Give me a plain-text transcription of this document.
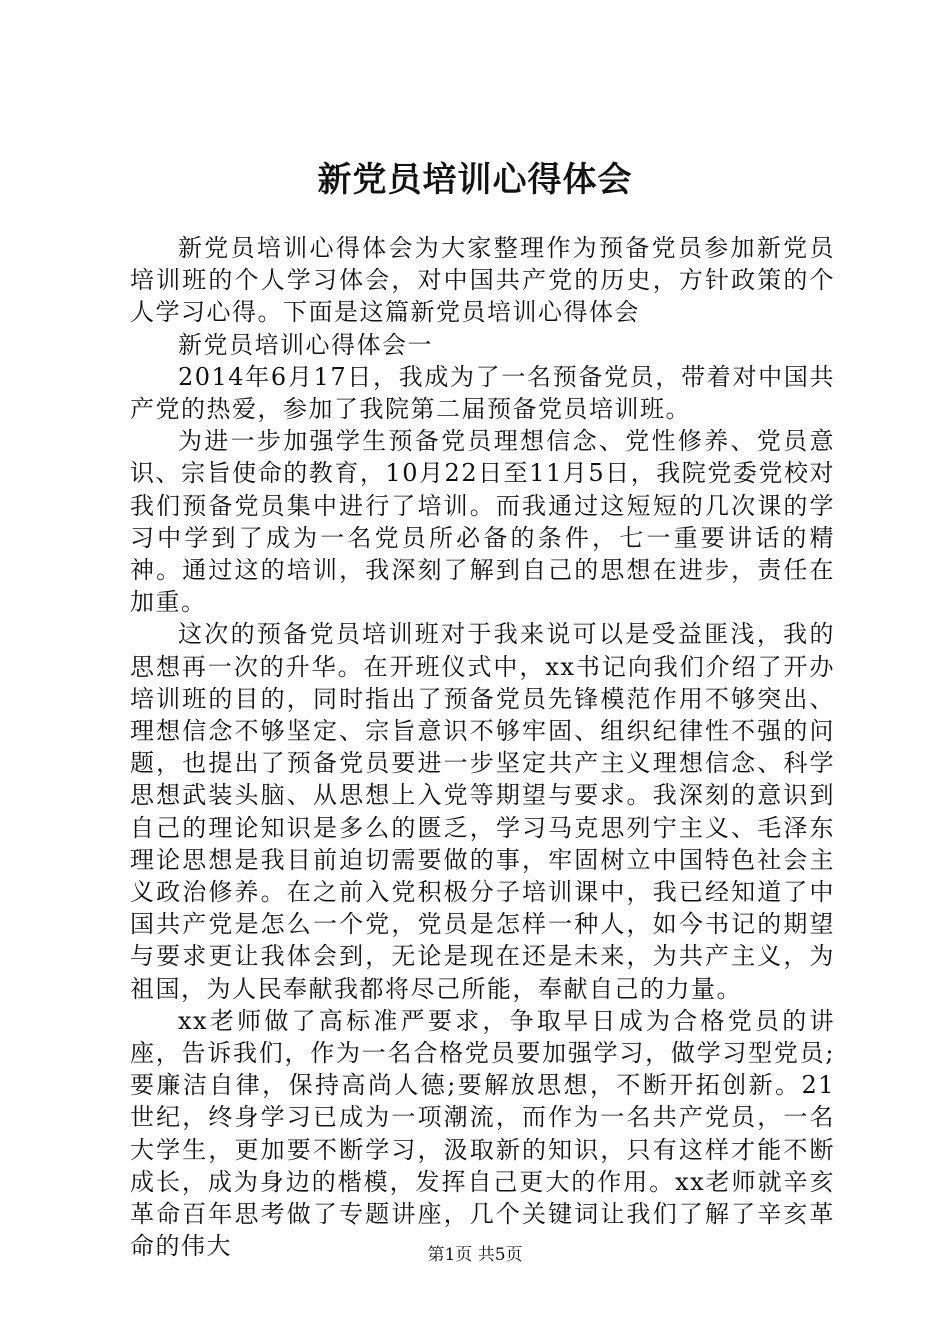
新党员培训心得体会

新党员培训心得体会为大家整理作为预备党员参加新党员培训班的个人学习体会，对中国共产党的历史，方针政策的个人学习心得。下面是这篇新党员培训心得体会

新党员培训心得体会一

2014年6月17日，我成为了一名预备党员，带着对中国共产党的热爱，参加了我院第二届预备党员培训班。

为进一步加强学生预备党员理想信念、党性修养、党员意识、宗旨使命的教育，10月22日至11月5日，我院党委党校对我们预备党员集中进行了培训。而我通过这短短的几次课的学习中学到了成为一名党员所必备的条件，七一重要讲话的精神。通过这的培训，我深刻了解到自己的思想在进步，责任在加重。

这次的预备党员培训班对于我来说可以是受益匪浅，我的思想再一次的升华。在开班仪式中，xx书记向我们介绍了开办培训班的目的，同时指出了预备党员先锋模范作用不够突出、理想信念不够坚定、宗旨意识不够牢固、组织纪律性不强的问题，也提出了预备党员要进一步坚定共产主义理想信念、科学思想武装头脑、从思想上入党等期望与要求。我深刻的意识到自己的理论知识是多么的匮乏，学习马克思列宁主义、毛泽东理论思想是我目前迫切需要做的事，牢固树立中国特色社会主义政治修养。在之前入党积极分子培训课中，我已经知道了中国共产党是怎么一个党，党员是怎样一种人，如今书记的期望与要求更让我体会到，无论是现在还是未来，为共产主义，为祖国，为人民奉献我都将尽己所能，奉献自己的力量。

xx老师做了高标准严要求，争取早日成为合格党员的讲座，告诉我们，作为一名合格党员要加强学习，做学习型党员;要廉洁自律，保持高尚人德;要解放思想，不断开拓创新。21世纪，终身学习已成为一项潮流，而作为一名共产党员，一名大学生，更加要不断学习，汲取新的知识，只有这样才能不断成长，成为身边的楷模，发挥自己更大的作用。xx老师就辛亥革命百年思考做了专题讲座，几个关键词让我们了解了辛亥革命的伟大	第1页 共5页
